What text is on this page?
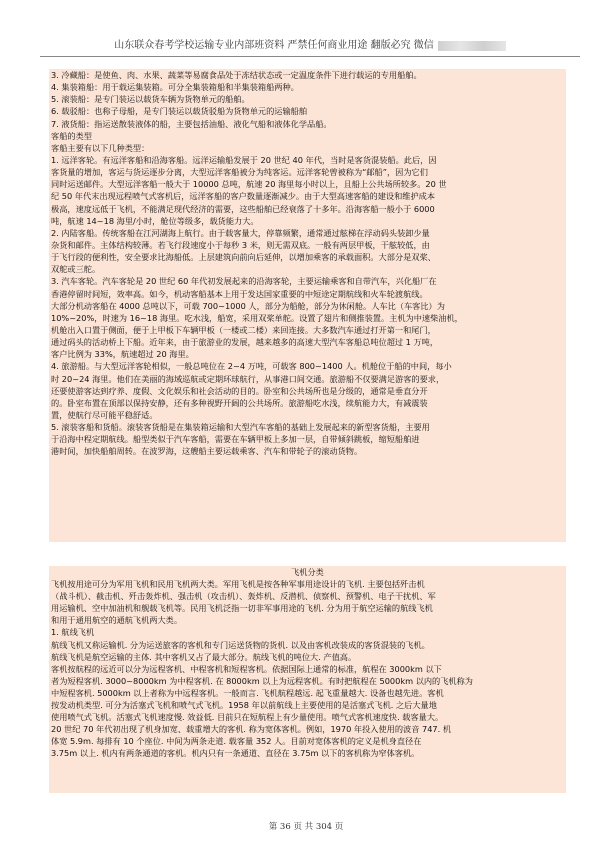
山东联众春考学校运输专业内部班资料 严禁任何商业用途 翻版必究 微信
3. 冷藏船：是使鱼、肉、水果、蔬菜等易腐食品处于冻结状态或一定温度条件下进行载运的专用船舶。
4. 集装箱船：用于载运集装箱。可分全集装箱船和半集装箱船两种。
5. 滚装船：是专门装运以载货车辆为货物单元的船舶。
6. 载驳船：也称子母船，是专门装运以载货驳船为货物单元的运输船舶
7. 液货船：指运送散装液体的船，主要包括油船、液化气船和液体化学品船。
客船的类型
客船主要有以下几种类型：
1. 远洋客轮。有远洋客船和沿海客船。远洋运输船发展于 20 世纪 40 年代，当时是客货混装船。此后，因
客货量的增加，客运与货运逐步分离，大型远洋客船被分为纯客运。远洋客轮曾被称为“邮船”，因为它们
同时运送邮件。大型远洋客船一般大于 10000 总吨，航速 20 海里每小时以上，且船上公共场所较多。20 世
纪 50 年代末出现远程喷气式客机后，远洋客船的客户数量逐渐减少。由于大型高速客船的建设和维护成本
极高，速度远低于飞机，不能满足现代经济的需要，这些船舶已经衰落了十多年。沿海客船一般小于 6000
吨，航速 14~18 海里/小时，舱位等级多，载货能力大。
2. 内陆客船。传统客船在江河湖海上航行。由于载客量大，停靠频繁，通常通过舷梯在浮动码头装卸少量
杂货和邮件。主体结构较薄。若飞行段速度小于每秒 3 米，则无需双底。一般有两层甲板，干舷较低，由
于飞行段的便利性，安全要求比海船低。上层建筑向前向后延伸，以增加乘客的承载面积。大部分是双桨、
双舵或三舵。
3. 汽车客轮。汽车客轮是 20 世纪 60 年代初发展起来的沿海客轮，主要运输乘客和自带汽车，兴化船厂在
香港停留时间短，效率高。如今，机动客船基本上用于发达国家重要的中短途定期航线和火车轮渡航线。
大部分机动客船在 4000 总吨以下，可载 700~1000 人，部分为船舱，部分为休闲舱。人车比（车客比）为
10%~20%，时速为 16~18 海里。吃水浅，船宽，采用双桨单舵。设置了翅片和侧推装置。主机为中速柴油机，
机舱出入口置于侧面，便于上甲板下车辆甲板（一楼或二楼）来回连接。大多数汽车通过打开第一和尾门，
通过码头的活动桥上下船。近年来，由于旅游业的发展，越来越多的高速大型汽车客船总吨位超过 1 万吨，
客户比例为 33%，航速超过 20 海里。
4. 旅游船。与大型远洋客轮相似，一般总吨位在 2~4 万吨，可载客 800~1400 人。机舱位于船的中间，每小
时 20~24 海里。他们在美丽的海域巡航或定期环球航行，从事港口间交通。旅游船不仅要满足游客的要求，
还要使游客达到疗养、度假、文化娱乐和社会活动的目的。卧室和公共场所也是分级的，通常是垂直分开
的。卧室布置在顶部以保持安静，还有多种视野开阔的公共场所。旅游船吃水浅，续航能力大，有减震装
置，使航行尽可能平稳舒适。
5. 滚装客船和货船。滚装客货船是在集装箱运输和大型汽车客船的基础上发展起来的新型客货船，主要用
于沿海中程定期航线。船型类似于汽车客船，需要在车辆甲板上多加一层，自带倾斜跳板，缩短船舶进
港时间，加快船舶周转。在波罗海，这艘船主要运载乘客、汽车和带轮子的滚动货物。
飞机分类
飞机按用途可分为军用飞机和民用飞机两大类。军用飞机是按各种军事用途设计的飞机. 主要包括歼击机
（战斗机）、截击机、歼击轰炸机、强击机（攻击机）、轰炸机、反潜机、侦察机、预警机、电子干扰机、军
用运输机、空中加油机和舰载飞机等。民用飞机泛指一切非军事用途的飞机. 分为用于航空运输的航线飞机
和用于通用航空的通航飞机两大类。
1. 航线飞机
航线飞机又称运输机. 分为运送旅客的客机和专门运送货物的货机. 以及由客机改装成的客货混装的飞机。
航线飞机是航空运输的主体. 其中客机又占了最大部分。航线飞机的吨位大. 产值高。
客机按航程的远近可以分为远程客机、中程客机和短程客机。依据国际上通常的标准，航程在 3000km 以下
者为短程客机. 3000~8000km 为中程客机. 在 8000km 以上为远程客机。有时把航程在 5000km 以内的飞机称为
中短程客机. 5000km 以上者称为中远程客机。一般而言. 飞机航程越远. 起飞重量越大. 设备也越先进。客机
按发动机类型. 可分为活塞式飞机和喷气式飞机。1958 年以前航线上主要使用的是活塞式飞机. 之后大量地
使用喷气式飞机。活塞式飞机速度慢. 效益低. 目前只在短航程上有少量使用。喷气式客机速度快. 载客量大。
20 世纪 70 年代初出现了机身加宽、载重增大的客机. 称为宽体客机。例如，1970 年投入使用的波音 747. 机
体宽 5.9m. 每排有 10 个座位. 中间为两条走道. 载客量 352 人。目前对宽体客机的定义是机身直径在
3.75m 以上. 机内有两条通道的客机。机内只有一条通道、直径在 3.75m 以下的客机称为窄体客机。
第 36 页 共 304 页
